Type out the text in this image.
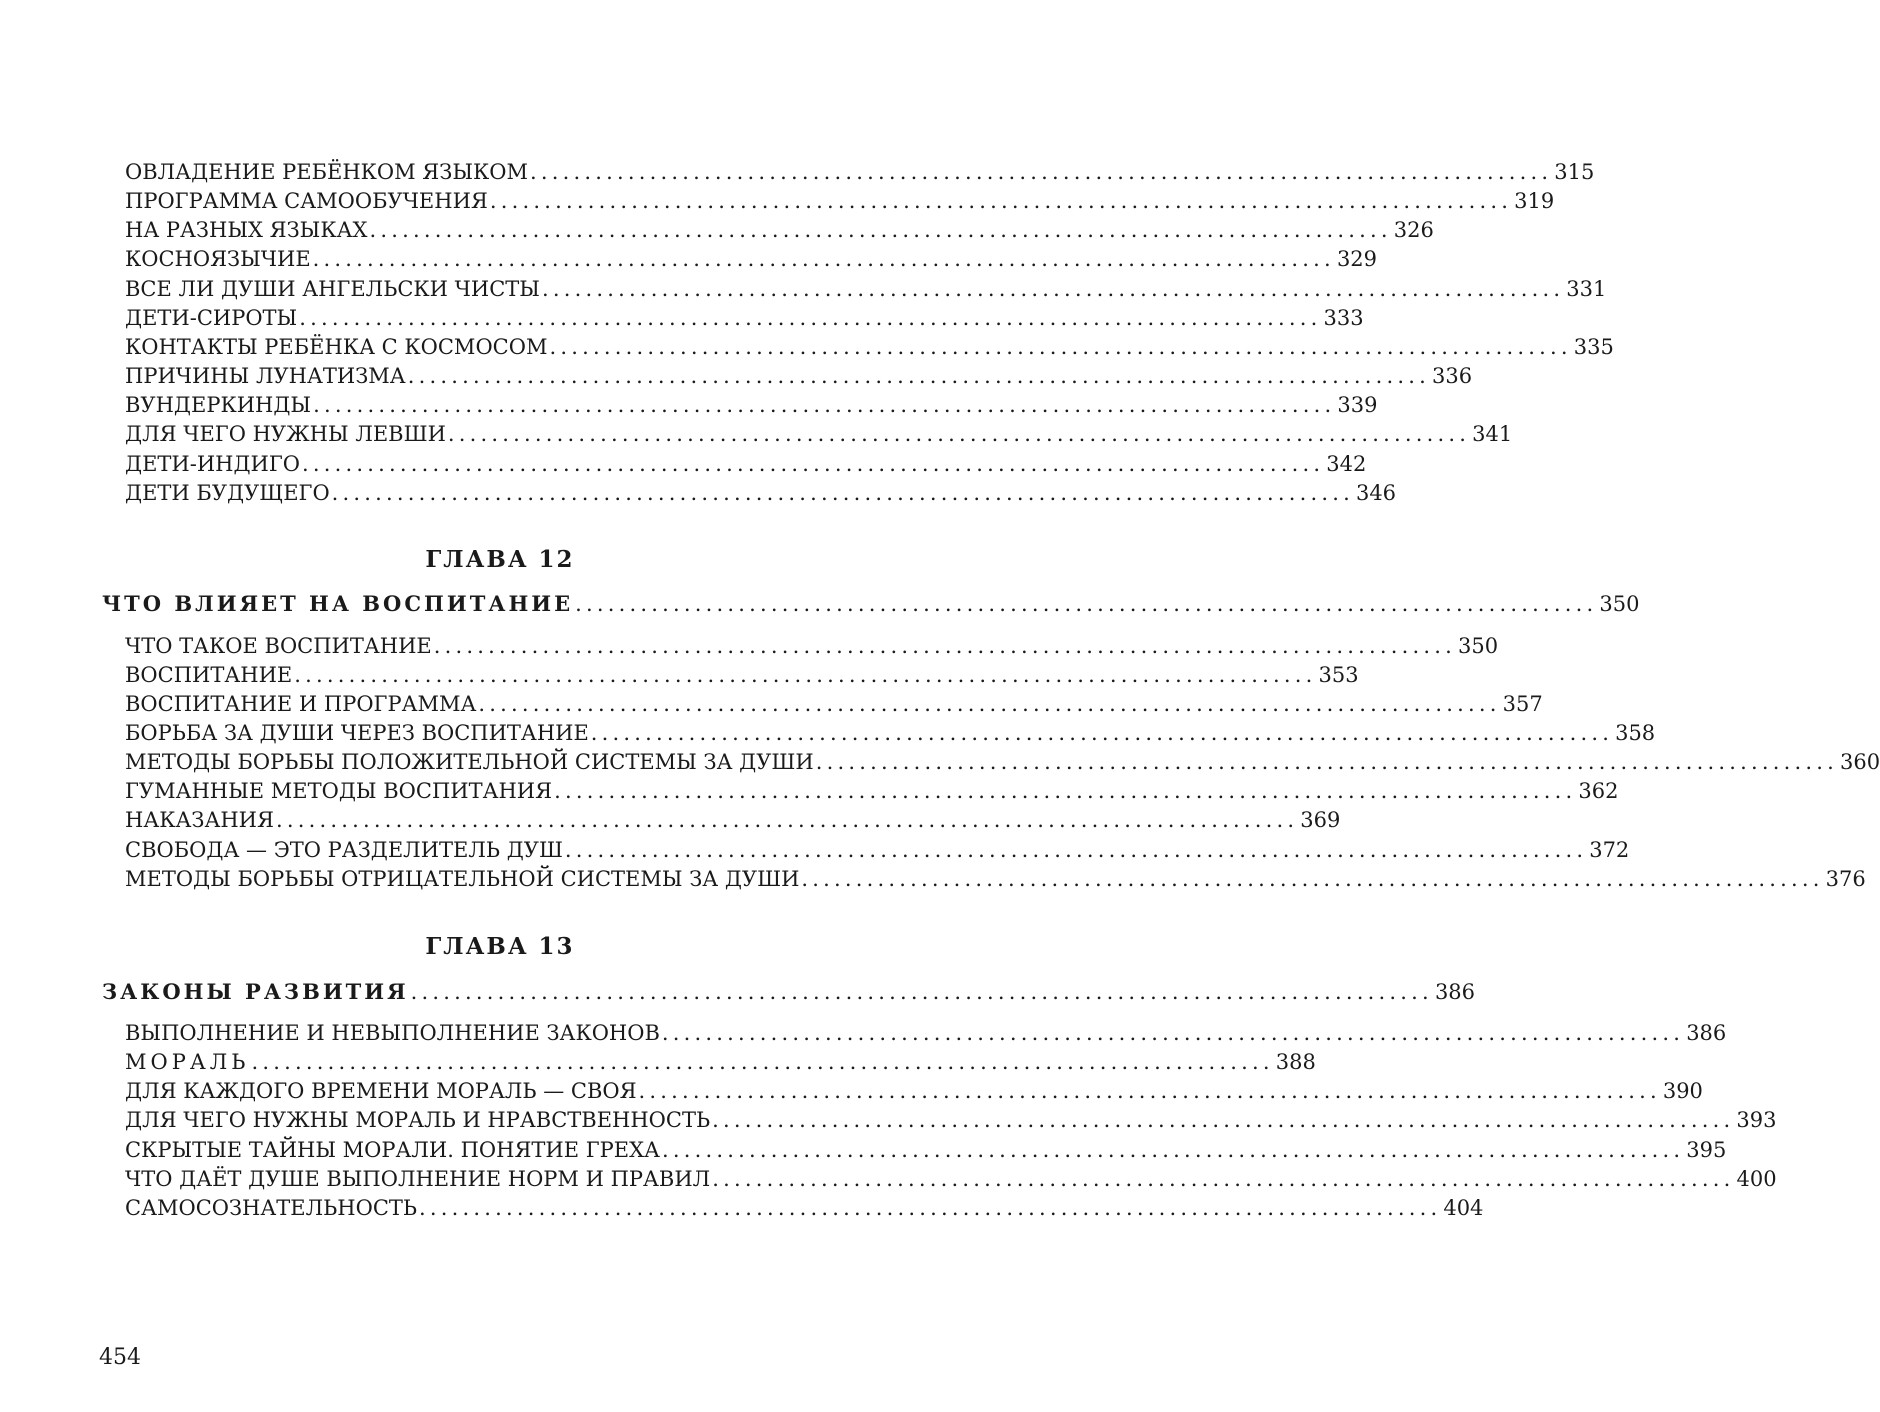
ОВЛАДЕНИЕ РЕБЁНКОМ ЯЗЫКОМ .............................................................................................. 315
ПРОГРАММА САМООБУЧЕНИЯ .............................................................................................. 319
НА РАЗНЫХ ЯЗЫКАХ .............................................................................................. 326
КОСНОЯЗЫЧИЕ .............................................................................................. 329
ВСЕ ЛИ ДУШИ АНГЕЛЬСКИ ЧИСТЫ .............................................................................................. 331
ДЕТИ-СИРОТЫ .............................................................................................. 333
КОНТАКТЫ РЕБЁНКА С КОСМОСОМ .............................................................................................. 335
ПРИЧИНЫ ЛУНАТИЗМА .............................................................................................. 336
ВУНДЕРКИНДЫ .............................................................................................. 339
ДЛЯ ЧЕГО НУЖНЫ ЛЕВШИ .............................................................................................. 341
ДЕТИ-ИНДИГО .............................................................................................. 342
ДЕТИ БУДУЩЕГО .............................................................................................. 346
ГЛАВА 12
ЧТО ВЛИЯЕТ НА ВОСПИТАНИЕ .............................................................................................. 350
ЧТО ТАКОЕ ВОСПИТАНИЕ .............................................................................................. 350
ВОСПИТАНИЕ .............................................................................................. 353
ВОСПИТАНИЕ И ПРОГРАММА .............................................................................................. 357
БОРЬБА ЗА ДУШИ ЧЕРЕЗ ВОСПИТАНИЕ .............................................................................................. 358
МЕТОДЫ БОРЬБЫ ПОЛОЖИТЕЛЬНОЙ СИСТЕМЫ ЗА ДУШИ .............................................................................................. 360
ГУМАННЫЕ МЕТОДЫ ВОСПИТАНИЯ .............................................................................................. 362
НАКАЗАНИЯ .............................................................................................. 369
СВОБОДА — ЭТО РАЗДЕЛИТЕЛЬ ДУШ .............................................................................................. 372
МЕТОДЫ БОРЬБЫ ОТРИЦАТЕЛЬНОЙ СИСТЕМЫ ЗА ДУШИ .............................................................................................. 376
ГЛАВА 13
ЗАКОНЫ РАЗВИТИЯ .............................................................................................. 386
ВЫПОЛНЕНИЕ И НЕВЫПОЛНЕНИЕ ЗАКОНОВ .............................................................................................. 386
МОРАЛЬ .............................................................................................. 388
ДЛЯ КАЖДОГО ВРЕМЕНИ МОРАЛЬ — СВОЯ .............................................................................................. 390
ДЛЯ ЧЕГО НУЖНЫ МОРАЛЬ И НРАВСТВЕННОСТЬ .............................................................................................. 393
СКРЫТЫЕ ТАЙНЫ МОРАЛИ. ПОНЯТИЕ ГРЕХА .............................................................................................. 395
ЧТО ДАЁТ ДУШЕ ВЫПОЛНЕНИЕ НОРМ И ПРАВИЛ .............................................................................................. 400
САМОСОЗНАТЕЛЬНОСТЬ .............................................................................................. 404
454
